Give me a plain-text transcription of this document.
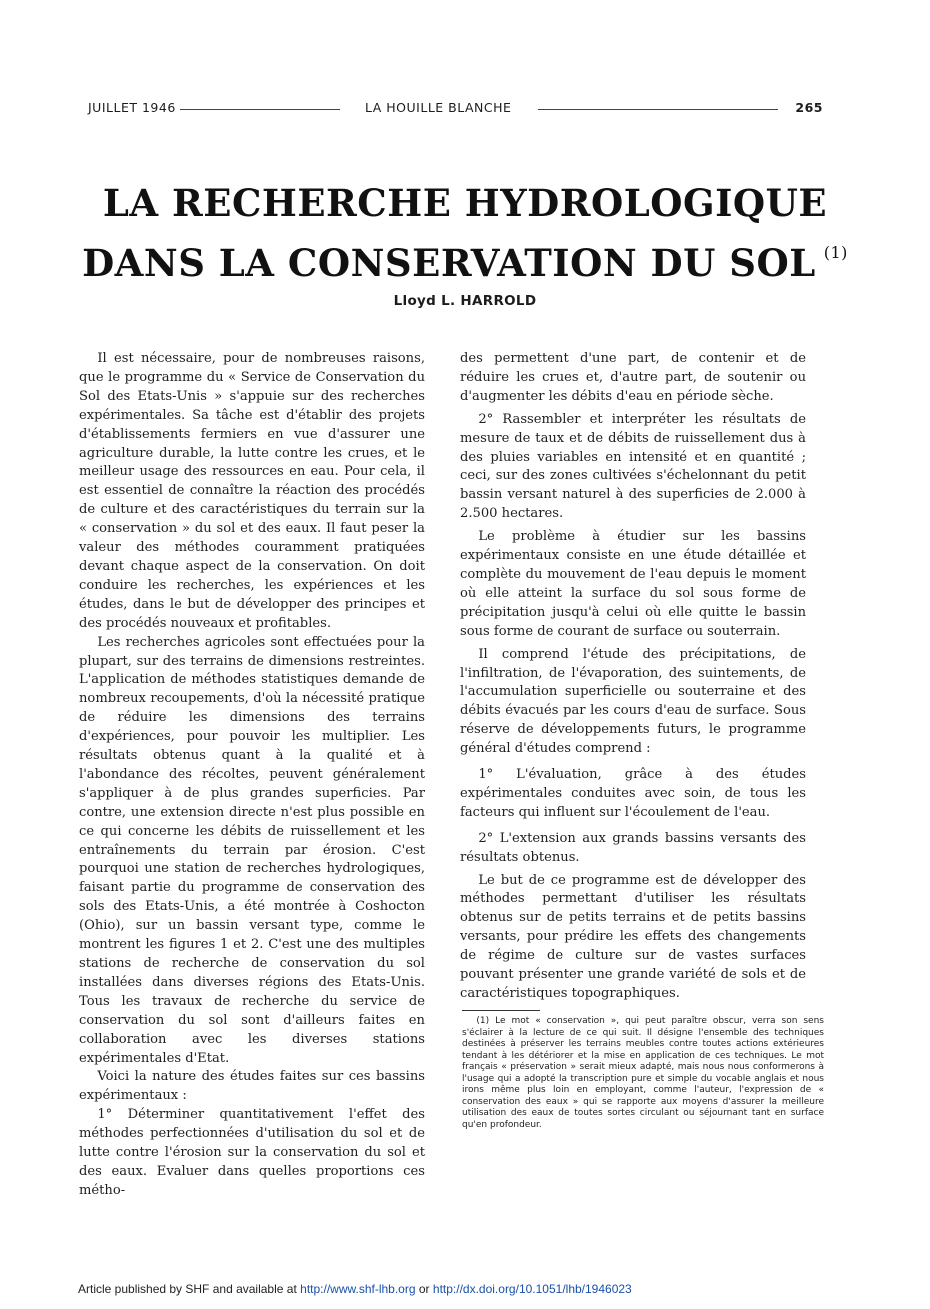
JUILLET 1946	LA HOUILLE BLANCHE	265
LA RECHERCHE HYDROLOGIQUE
DANS LA CONSERVATION DU SOL $^{(1)}$
Lloyd L. HARROLD

Il est nécessaire, pour de nombreuses raisons, que le programme du « Service de Conservation du Sol des Etats-Unis » s'appuie sur des recherches expérimentales. Sa tâche est d'établir des projets d'établissements fermiers en vue d'assurer une agriculture durable, la lutte contre les crues, et le meilleur usage des ressources en eau. Pour cela, il est essentiel de connaître la réaction des procédés de culture et des caractéristiques du terrain sur la « conservation » du sol et des eaux. Il faut peser la valeur des méthodes couramment pratiquées devant chaque aspect de la conservation. On doit conduire les recherches, les expériences et les études, dans le but de développer des principes et des procédés nouveaux et profitables.

Les recherches agricoles sont effectuées pour la plupart, sur des terrains de dimensions restreintes. L'application de méthodes statistiques demande de nombreux recoupements, d'où la nécessité pratique de réduire les dimensions des terrains d'expériences, pour pouvoir les multiplier. Les résultats obtenus quant à la qualité et à l'abondance des récoltes, peuvent généralement s'appliquer à de plus grandes superficies. Par contre, une extension directe n'est plus possible en ce qui concerne les débits de ruissellement et les entraînements du terrain par érosion. C'est pourquoi une station de recherches hydrologiques, faisant partie du programme de conservation des sols des Etats-Unis, a été montrée à Coshocton (Ohio), sur un bassin versant type, comme le montrent les figures 1 et 2. C'est une des multiples stations de recherche de conservation du sol installées dans diverses régions des Etats-Unis. Tous les travaux de recherche du service de conservation du sol sont d'ailleurs faites en collaboration avec les diverses stations expérimentales d'Etat.

Voici la nature des études faites sur ces bassins expérimentaux :

1° Déterminer quantitativement l'effet des méthodes perfectionnées d'utilisation du sol et de lutte contre l'érosion sur la conservation du sol et des eaux. Evaluer dans quelles proportions ces métho-

des permettent d'une part, de contenir et de réduire les crues et, d'autre part, de soutenir ou d'augmenter les débits d'eau en période sèche.

2° Rassembler et interpréter les résultats de mesure de taux et de débits de ruissellement dus à des pluies variables en intensité et en quantité ; ceci, sur des zones cultivées s'échelonnant du petit bassin versant naturel à des superficies de 2.000 à 2.500 hectares.

Le problème à étudier sur les bassins expérimentaux consiste en une étude détaillée et complète du mouvement de l'eau depuis le moment où elle atteint la surface du sol sous forme de précipitation jusqu'à celui où elle quitte le bassin sous forme de courant de surface ou souterrain.

Il comprend l'étude des précipitations, de l'infiltration, de l'évaporation, des suintements, de l'accumulation superficielle ou souterraine et des débits évacués par les cours d'eau de surface. Sous réserve de développements futurs, le programme général d'études comprend :

1° L'évaluation, grâce à des études expérimentales conduites avec soin, de tous les facteurs qui influent sur l'écoulement de l'eau.

2° L'extension aux grands bassins versants des résultats obtenus.

Le but de ce programme est de développer des méthodes permettant d'utiliser les résultats obtenus sur de petits terrains et de petits bassins versants, pour prédire les effets des changements de régime de culture sur de vastes surfaces pouvant présenter une grande variété de sols et de caractéristiques topographiques.

(1) Le mot « conservation », qui peut paraître obscur, verra son sens s'éclairer à la lecture de ce qui suit. Il désigne l'ensemble des techniques destinées à préserver les terrains meubles contre toutes actions extérieures tendant à les détériorer et la mise en application de ces techniques. Le mot français « préservation » serait mieux adapté, mais nous nous conformerons à l'usage qui a adopté la transcription pure et simple du vocable anglais et nous irons même plus loin en employant, comme l'auteur, l'expression de « conservation des eaux » qui se rapporte aux moyens d'assurer la meilleure utilisation des eaux de toutes sortes circulant ou séjournant tant en surface qu'en profondeur.

Article published by SHF and available at http://www.shf-lhb.org or http://dx.doi.org/10.1051/lhb/1946023
